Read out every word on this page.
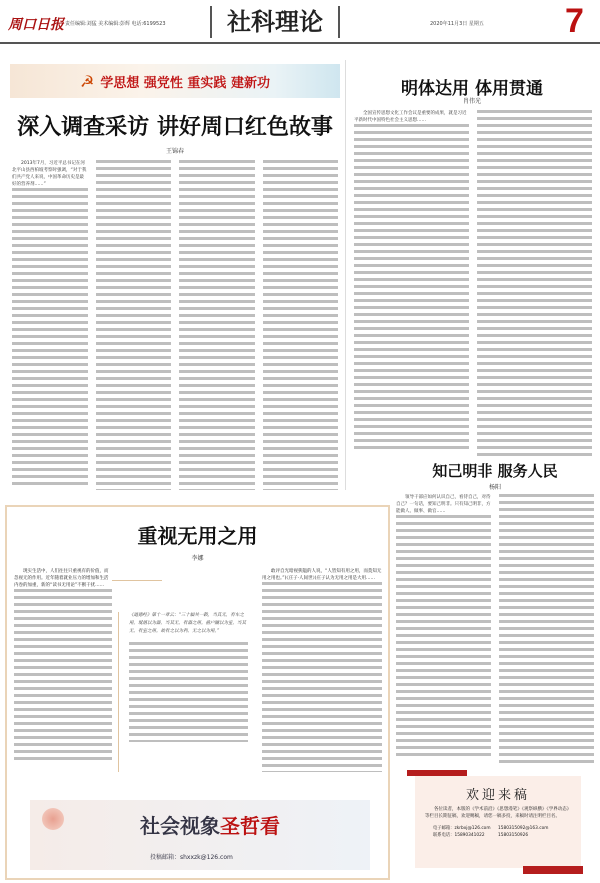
周口日报 责任编辑:刘猛 美术编辑:彭辉 电话:6199523	社科理论	2020年11月3日 星期五 7
☭ 学思想 强党性 重实践 建新功
深入调查采访 讲好周口红色故事
王锦春
2013年7月，习近平总书记在河北平山县西柏坡考察时强调，“对于我们共产党人来说，中国革命历史是最好的营养剂……”
明体达用 体用贯通
肖伟光
全国宣传思想文化工作会议是重要的成果，就是习近平新时代中国特色社会主义思想……
知己明非 服务人民
杨阳
领导干部应如何认识自己，看待自己，对待自己？一句话，要知己明非。只有知己明非，方能做人、做事、做官……
重视无用之用
李娜
现实生活中，人们往往只重视有的价值，而忽视无的作用。近年随着就业压力的增加和生活内卷的加重，新的“读书无用论”不断干扰……
《道德经》第十一章云：“三十辐共一毂，当其无，有车之用。埏埴以为器，当其无，有器之用。凿户牖以为室，当其无，有室之用。故有之以为利，无之以为用。”
敢评自光暗视狭隘的人说，“人皆知有用之用，而莫知无用之用也。”(《庄子·人间世》)庄子认为无用之用是大用……
社会视象圣哲看
投稿邮箱：shxxzk@126.com
欢迎来稿

各位读者，本版的《学术前沿》《思想漫笔》《观察纵横》《学界动态》等栏目长期征稿，欢迎赐稿，请您一稿多投，来稿时请注明栏目名。

电子邮箱：zkrbxj@126.com	1580315092@163.com
联系电话：15890341022	15803150926
